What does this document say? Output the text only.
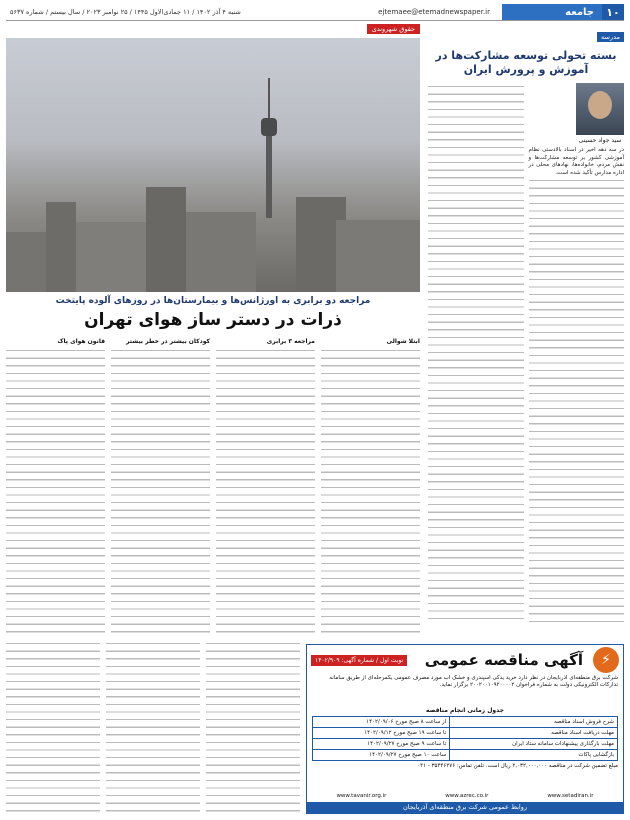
۱۰
جامعه
ejtemaee@etemadnewspaper.ir
شنبه ۴ آذر ۱۴۰۲ / ۱۱ جمادی‌الاول ۱۴۴۵ / ۲۵ نوامبر ۲۰۲۳ / سال بیستم / شماره ۵۶۳۷
مدرسه
بسته تحولی توسعه مشارکت‌ها در آموزش و پرورش ایران
سید جواد حسینی
در سه دهه‌ اخیر در اسناد بالادستی نظام آموزشی کشور بر توسعه مشارکت‌ها و نقش مردم، خانواده‌ها، نهادهای محلی در اداره مدارس تأکید شده است.
حقوق شهروندی
مراجعه دو برابری به اورژانس‌ها و بیمارستان‌ها در روزهای آلوده پایتخت
ذرات در دستر ساز هوای تهران
ابتلا شوالی
مراجعه ۳ برابری
کودکان بیشتر در خطر بیشتر
قانون هوای پاک
⚡
آگهی مناقصه عمومی
نوبت اول / شماره آگهی: ۱۴۰۲/۹۰۹
شرکت برق منطقه‌ای آذربایجان در نظر دارد خرید یدکی اسپندری و خشک آب مورد مصرف عمومی یکمرحله‌ای از طریق سامانه تدارکات الکترونیکی دولت به شماره فراخوان ۲۰۰۲۰۰۱۰۹۲۰۰۰۰۲ برگزار نماید.
جدول زمانی انجام مناقصه
شرح فروش اسناد مناقصه	از ساعت ۸ صبح مورخ ۱۴۰۲/۰۹/۰۶
مهلت دریافت اسناد مناقصه	تا ساعت ۱۹ صبح مورخ ۱۴۰۲/۰۹/۱۲
مهلت بارگذاری پیشنهادات سامانه ستاد ایران	تا ساعت ۹ صبح مورخ ۱۴۰۲/۰۹/۲۷
بازگشایی پاکات	ساعت ۱۰ صبح مورخ ۱۴۰۲/۰۹/۲۷
مبلغ تضمین شرکت در مناقصه ۲,۰۳۲,۰۰۰,۰۰۰ ریال است. تلفن تماس: ۳۵۴۴۶۲۷۶ - ۰۴۱
www.tavanir.org.ir	www.azrec.co.ir	www.setadiran.ir
روابط عمومی شرکت برق منطقه‌ای آذربایجان
